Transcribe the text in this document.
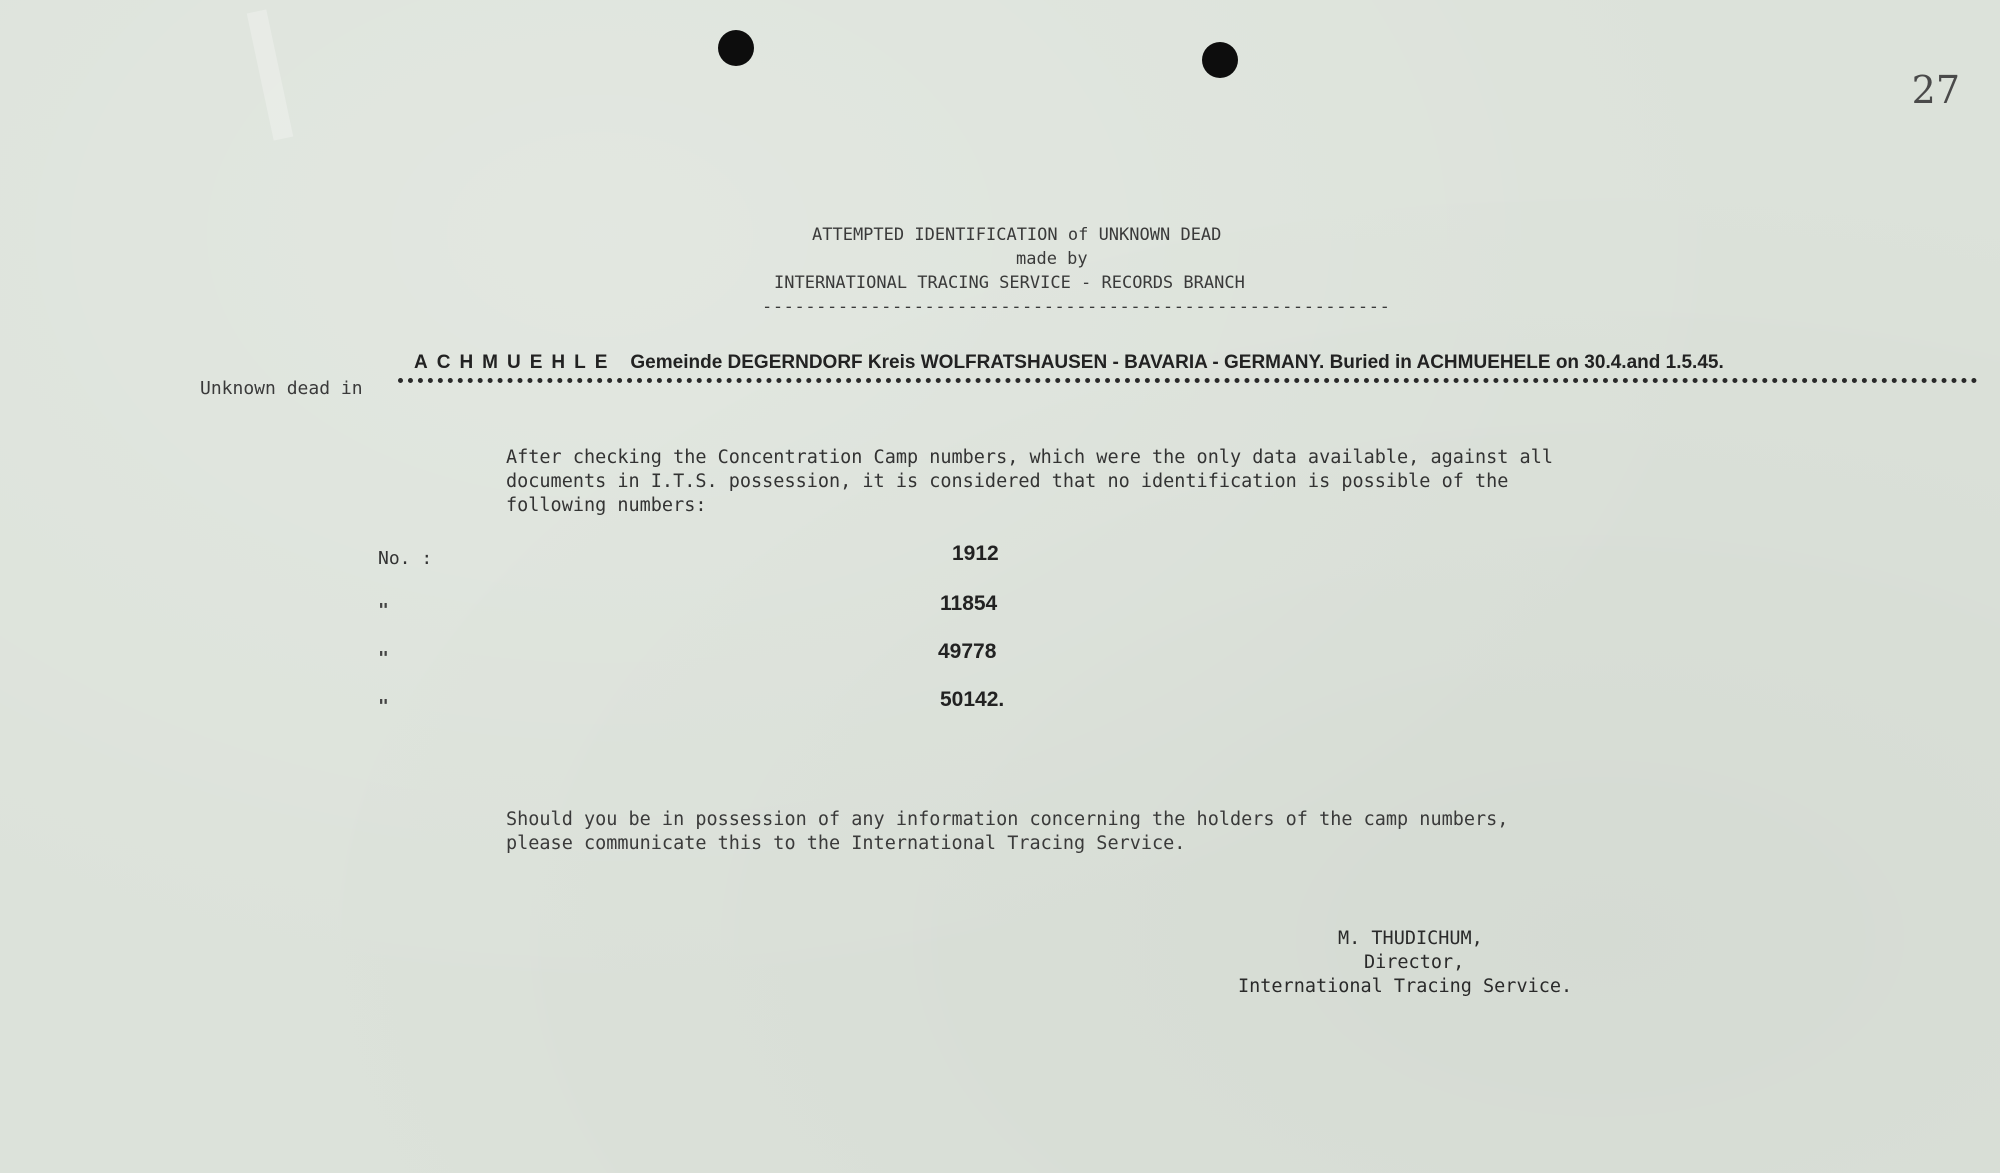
27
ATTEMPTED IDENTIFICATION of UNKNOWN DEAD
made by
INTERNATIONAL TRACING SERVICE - RECORDS BRANCH
----------------------------------------------------------
Unknown dead in
ACHMUEHLE Gemeinde DEGERNDORF Kreis WOLFRATSHAUSEN - BAVARIA - GERMANY. Buried in ACHMUEHELE on 30.4.and 1.5.45.
After checking the Concentration Camp numbers, which were the only data available, against all
documents in I.T.S. possession, it is considered that no identification is possible of the
following numbers:
No. :	1912
"	11854
"	49778
"	50142.
Should you be in possession of any information concerning the holders of the camp numbers,
please communicate this to the International Tracing Service.
M. THUDICHUM,
Director,
International Tracing Service.
